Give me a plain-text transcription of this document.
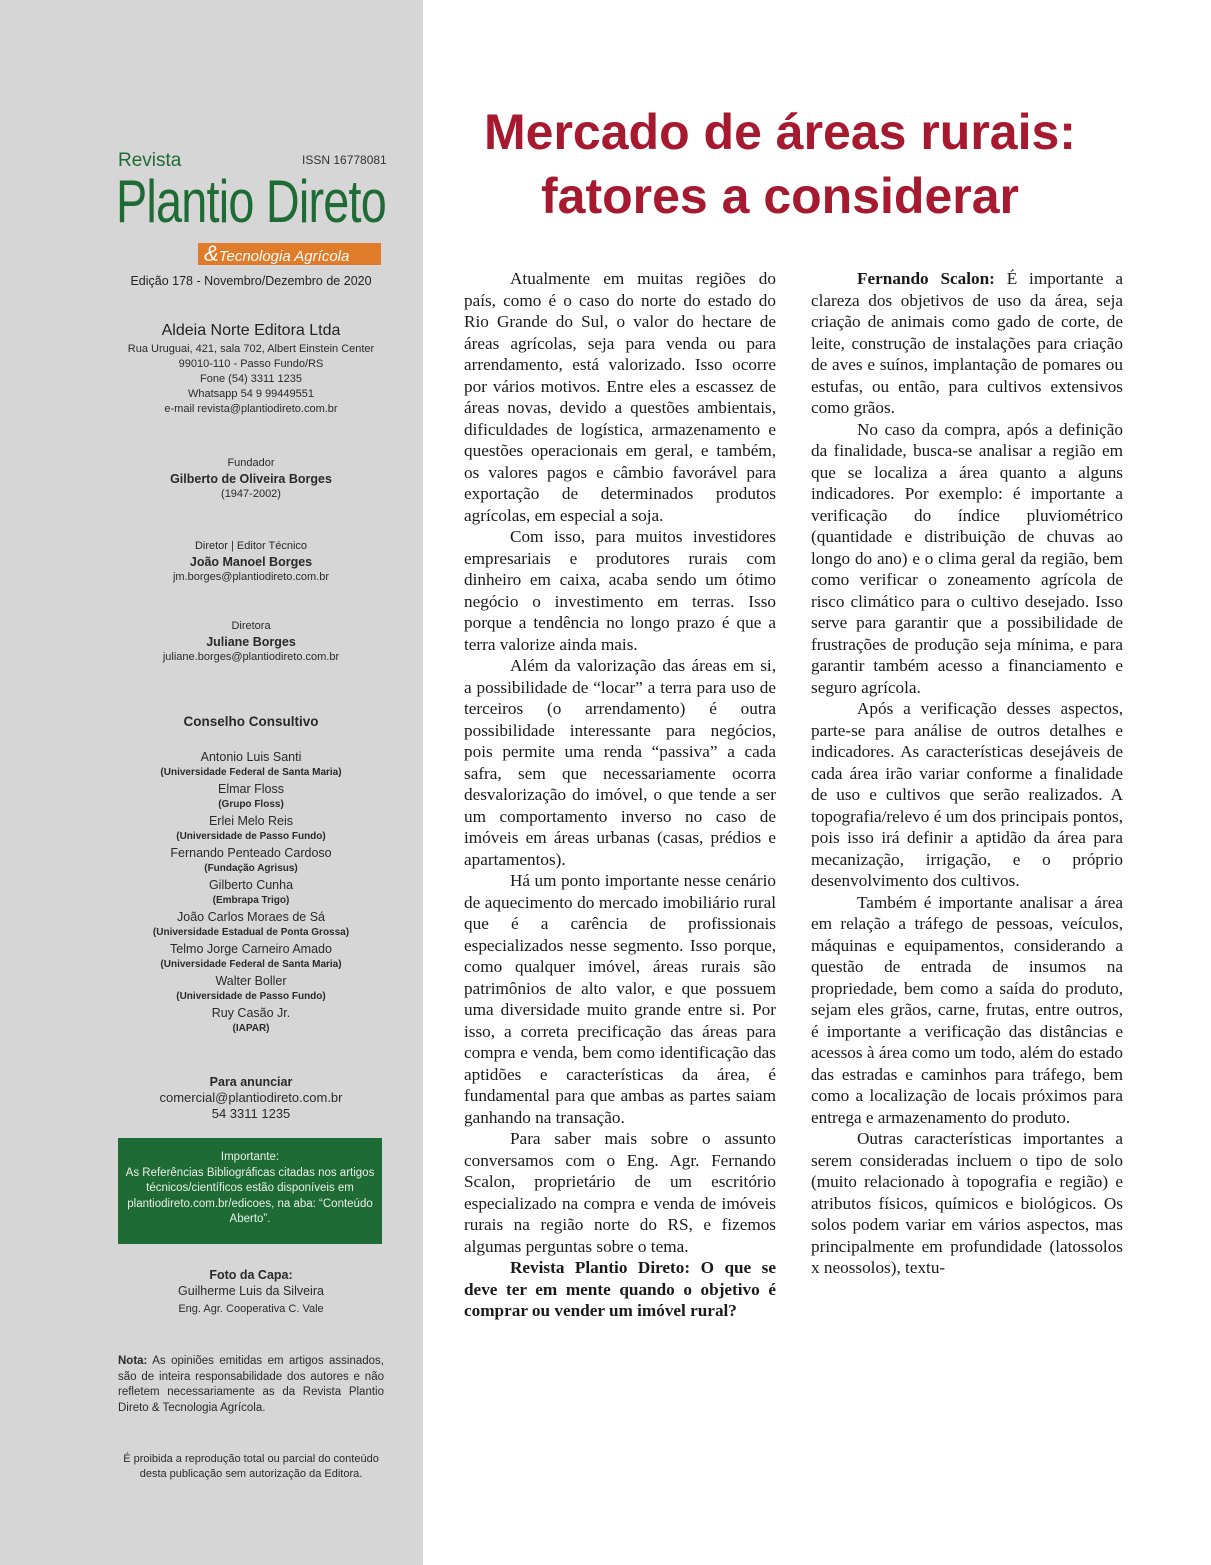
Revista	ISSN 16778081
Plantio Direto
&Tecnologia Agrícola
Edição 178 - Novembro/Dezembro de 2020
Aldeia Norte Editora Ltda
Rua Uruguai, 421, sala 702, Albert Einstein Center
99010-110 - Passo Fundo/RS
Fone (54) 3311 1235
Whatsapp 54 9 99449551
e-mail revista@plantiodireto.com.br
Fundador
Gilberto de Oliveira Borges
(1947-2002)
Diretor | Editor Técnico
João Manoel Borges
jm.borges@plantiodireto.com.br
Diretora
Juliane Borges
juliane.borges@plantiodireto.com.br
Conselho Consultivo
Antonio Luis Santi
(Universidade Federal de Santa Maria)
Elmar Floss
(Grupo Floss)
Erlei Melo Reis
(Universidade de Passo Fundo)
Fernando Penteado Cardoso
(Fundação Agrisus)
Gilberto Cunha
(Embrapa Trigo)
João Carlos Moraes de Sá
(Universidade Estadual de Ponta Grossa)
Telmo Jorge Carneiro Amado
(Universidade Federal de Santa Maria)
Walter Boller
(Universidade de Passo Fundo)
Ruy Casão Jr.
(IAPAR)
Para anunciar
comercial@plantiodireto.com.br
54 3311 1235
Importante:
As Referências Bibliográficas citadas nos artigos técnicos/científicos estão disponíveis em plantiodireto.com.br/edicoes, na aba: “Conteúdo Aberto”.
Foto da Capa:
Guilherme Luis da Silveira
Eng. Agr. Cooperativa C. Vale
Nota: As opiniões emitidas em artigos assinados, são de inteira responsabilidade dos autores e não refletem necessariamente as da Revista Plantio Direto & Tecnologia Agrícola.
É proibida a reprodução total ou parcial do conteúdo desta publicação sem autorização da Editora.
Mercado de áreas rurais:
fatores a considerar

Atualmente em muitas regiões do país, como é o caso do norte do estado do Rio Grande do Sul, o valor do hectare de áreas agrícolas, seja para venda ou para arrendamento, está valorizado. Isso ocorre por vários motivos. Entre eles a escassez de áreas novas, devido a questões ambientais, dificuldades de logística, armazenamento e questões operacionais em geral, e também, os valores pagos e câmbio favorável para exportação de determinados produtos agrícolas, em especial a soja.

Com isso, para muitos investidores empresariais e produtores rurais com dinheiro em caixa, acaba sendo um ótimo negócio o investimento em terras. Isso porque a tendência no longo prazo é que a terra valorize ainda mais.

Além da valorização das áreas em si, a possibilidade de “locar” a terra para uso de terceiros (o arrendamento) é outra possibilidade interessante para negócios, pois permite uma renda “passiva” a cada safra, sem que necessariamente ocorra desvalorização do imóvel, o que tende a ser um comportamento inverso no caso de imóveis em áreas urbanas (casas, prédios e apartamentos).

Há um ponto importante nesse cenário de aquecimento do mercado imobiliário rural que é a carência de profissionais especializados nesse segmento. Isso porque, como qualquer imóvel, áreas rurais são patrimônios de alto valor, e que possuem uma diversidade muito grande entre si. Por isso, a correta precificação das áreas para compra e venda, bem como identificação das aptidões e características da área, é fundamental para que ambas as partes saiam ganhando na transação.

Para saber mais sobre o assunto conversamos com o Eng. Agr. Fernando Scalon, proprietário de um escritório especializado na compra e venda de imóveis rurais na região norte do RS, e fizemos algumas perguntas sobre o tema.

Revista Plantio Direto: O que se deve ter em mente quando o objetivo é comprar ou vender um imóvel rural?

Fernando Scalon: É importante a clareza dos objetivos de uso da área, seja criação de animais como gado de corte, de leite, construção de instalações para criação de aves e suínos, implantação de pomares ou estufas, ou então, para cultivos extensivos como grãos.

No caso da compra, após a definição da finalidade, busca-se analisar a região em que se localiza a área quanto a alguns indicadores. Por exemplo: é importante a verificação do índice pluviométrico (quantidade e distribuição de chuvas ao longo do ano) e o clima geral da região, bem como verificar o zoneamento agrícola de risco climático para o cultivo desejado. Isso serve para garantir que a possibilidade de frustrações de produção seja mínima, e para garantir também acesso a financiamento e seguro agrícola.

Após a verificação desses aspectos, parte-se para análise de outros detalhes e indicadores. As características desejáveis de cada área irão variar conforme a finalidade de uso e cultivos que serão realizados. A topografia/relevo é um dos principais pontos, pois isso irá definir a aptidão da área para mecanização, irrigação, e o próprio desenvolvimento dos cultivos.

Também é importante analisar a área em relação a tráfego de pessoas, veículos, máquinas e equipamentos, considerando a questão de entrada de insumos na propriedade, bem como a saída do produto, sejam eles grãos, carne, frutas, entre outros, é importante a verificação das distâncias e acessos à área como um todo, além do estado das estradas e caminhos para tráfego, bem como a localização de locais próximos para entrega e armazenamento do produto.

Outras características importantes a serem consideradas incluem o tipo de solo (muito relacionado à topografia e região) e atributos físicos, químicos e biológicos. Os solos podem variar em vários aspectos, mas principalmente em profundidade (latossolos x neossolos), textu-
